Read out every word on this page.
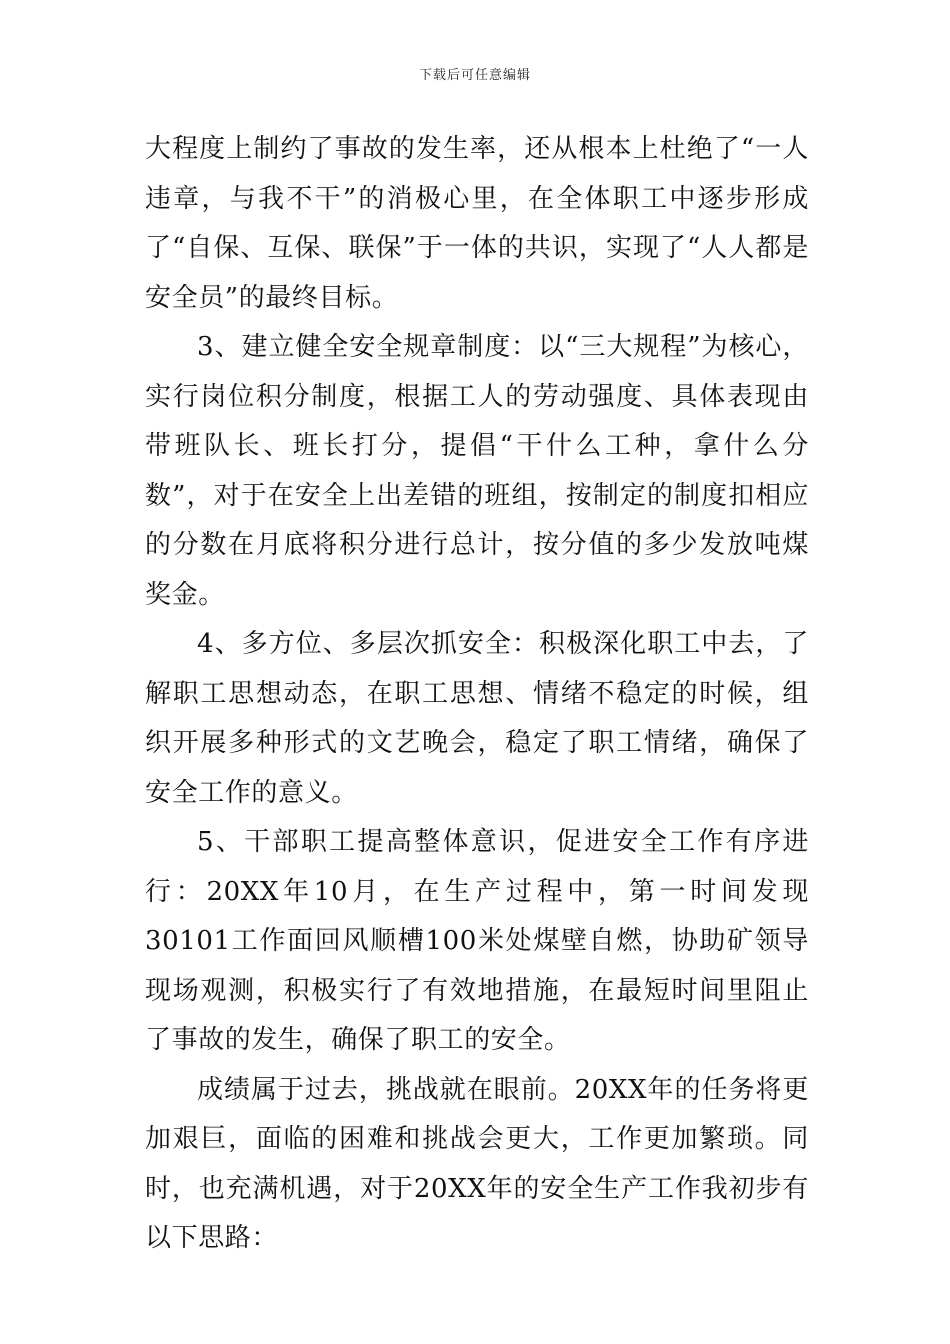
下载后可任意编辑

大程度上制约了事故的发生率，还从根本上杜绝了“一人违章，与我不干”的消极心里，在全体职工中逐步形成了“自保、互保、联保”于一体的共识，实现了“人人都是安全员”的最终目标。

3、建立健全安全规章制度：以“三大规程”为核心，实行岗位积分制度，根据工人的劳动强度、具体表现由带班队长、班长打分，提倡“干什么工种，拿什么分数”，对于在安全上出差错的班组，按制定的制度扣相应的分数在月底将积分进行总计，按分值的多少发放吨煤奖金。

4、多方位、多层次抓安全：积极深化职工中去，了解职工思想动态，在职工思想、情绪不稳定的时候，组织开展多种形式的文艺晚会，稳定了职工情绪，确保了安全工作的意义。

5、干部职工提高整体意识，促进安全工作有序进行：20XX年10月，在生产过程中，第一时间发现30101工作面回风顺槽100米处煤壁自燃，协助矿领导现场观测，积极实行了有效地措施，在最短时间里阻止了事故的发生，确保了职工的安全。

成绩属于过去，挑战就在眼前。20XX年的任务将更加艰巨，面临的困难和挑战会更大，工作更加繁琐。同时，也充满机遇，对于20XX年的安全生产工作我初步有以下思路：
